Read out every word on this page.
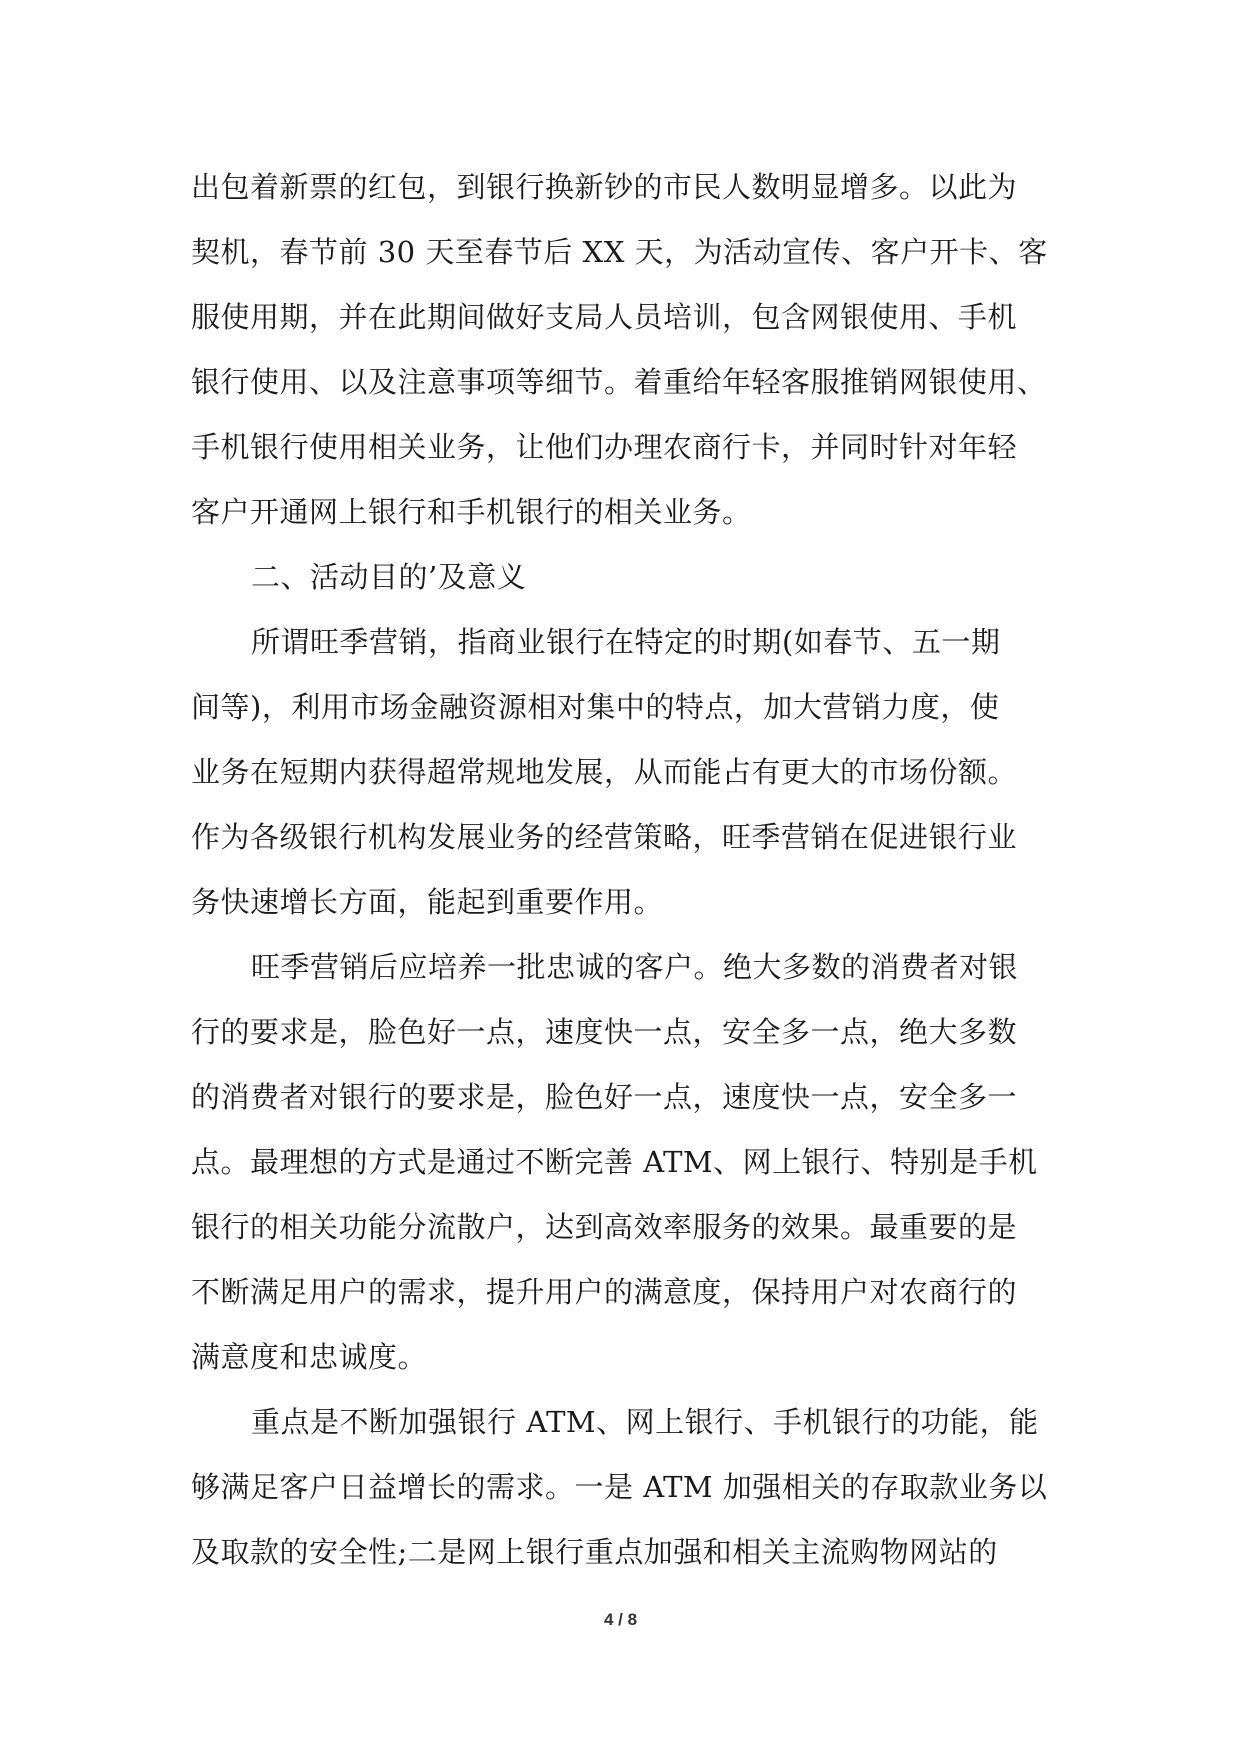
出包着新票的红包，到银行换新钞的市民人数明显增多。以此为
契机，春节前 30 天至春节后 XX 天，为活动宣传、客户开卡、客
服使用期，并在此期间做好支局人员培训，包含网银使用、手机
银行使用、以及注意事项等细节。着重给年轻客服推销网银使用、
手机银行使用相关业务，让他们办理农商行卡，并同时针对年轻
客户开通网上银行和手机银行的相关业务。
二、活动目的’及意义
所谓旺季营销，指商业银行在特定的时期(如春节、五一期
间等)，利用市场金融资源相对集中的特点，加大营销力度，使
业务在短期内获得超常规地发展，从而能占有更大的市场份额。
作为各级银行机构发展业务的经营策略，旺季营销在促进银行业
务快速增长方面，能起到重要作用。
旺季营销后应培养一批忠诚的客户。绝大多数的消费者对银
行的要求是，脸色好一点，速度快一点，安全多一点，绝大多数
的消费者对银行的要求是，脸色好一点，速度快一点，安全多一
点。最理想的方式是通过不断完善 ATM、网上银行、特别是手机
银行的相关功能分流散户，达到高效率服务的效果。最重要的是
不断满足用户的需求，提升用户的满意度，保持用户对农商行的
满意度和忠诚度。
重点是不断加强银行 ATM、网上银行、手机银行的功能，能
够满足客户日益增长的需求。一是 ATM 加强相关的存取款业务以
及取款的安全性;二是网上银行重点加强和相关主流购物网站的
4 / 8
